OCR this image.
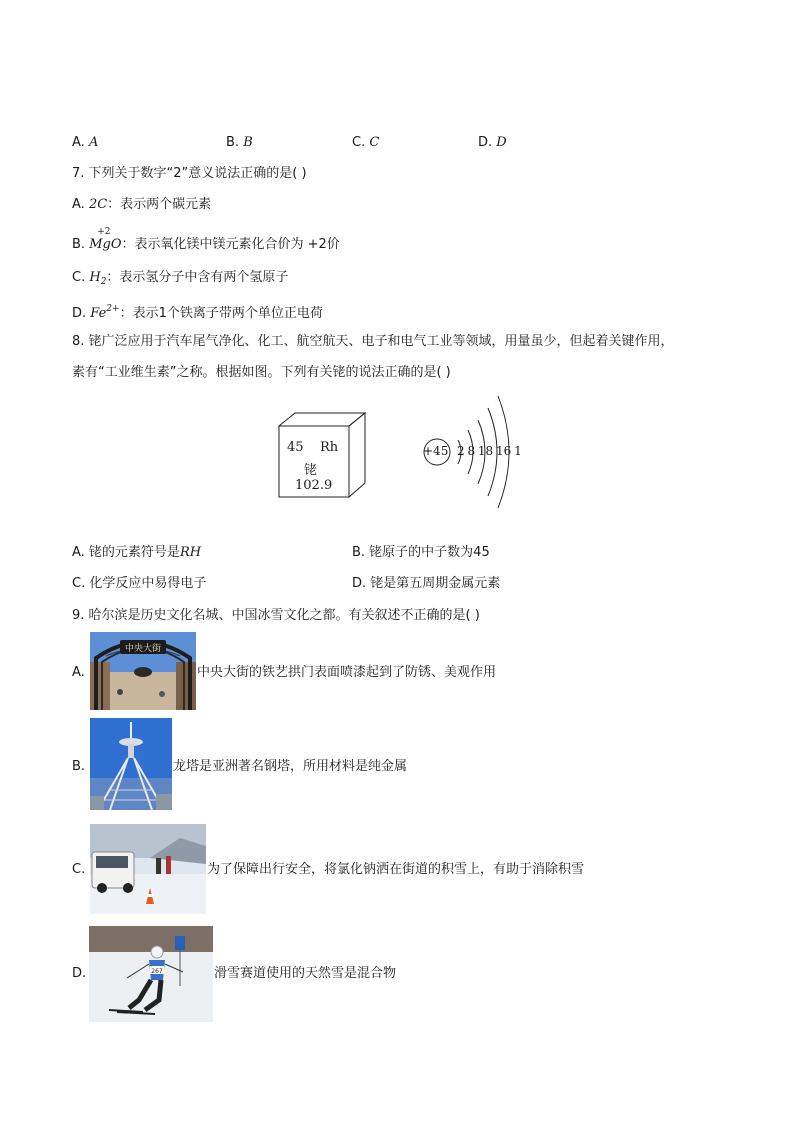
A. A	B. B	C. C	D. D
7. 下列关于数字“2”意义说法正确的是( )
A. 2C：表示两个碳元素
B.
+2
MgO：表示氧化镁中镁元素化合价为 +2价
C. $H_2$：表示氢分子中含有两个氢原子
D. $Fe^{2+}$：表示1个铁离子带两个单位正电荷
8. 铑广泛应用于汽车尾气净化、化工、航空航天、电子和电气工业等领域，用量虽少，但起着关键作用，
素有“工业维生素”之称。根据如图。下列有关铑的说法正确的是( )
45 Rh
铑
102.9
+45 2 8 18 16 1
A. 铑的元素符号是RH	B. 铑原子的中子数为45
C. 化学反应中易得电子	D. 铑是第五周期金属元素
9. 哈尔滨是历史文化名城、中国冰雪文化之都。有关叙述不正确的是( )
A.
中央大街
中央大街的铁艺拱门表面喷漆起到了防锈、美观作用
B.	龙塔是亚洲著名钢塔，所用材料是纯金属
C.	为了保障出行安全，将氯化钠洒在街道的积雪上，有助于消除积雪
D.	267	滑雪赛道使用的天然雪是混合物
